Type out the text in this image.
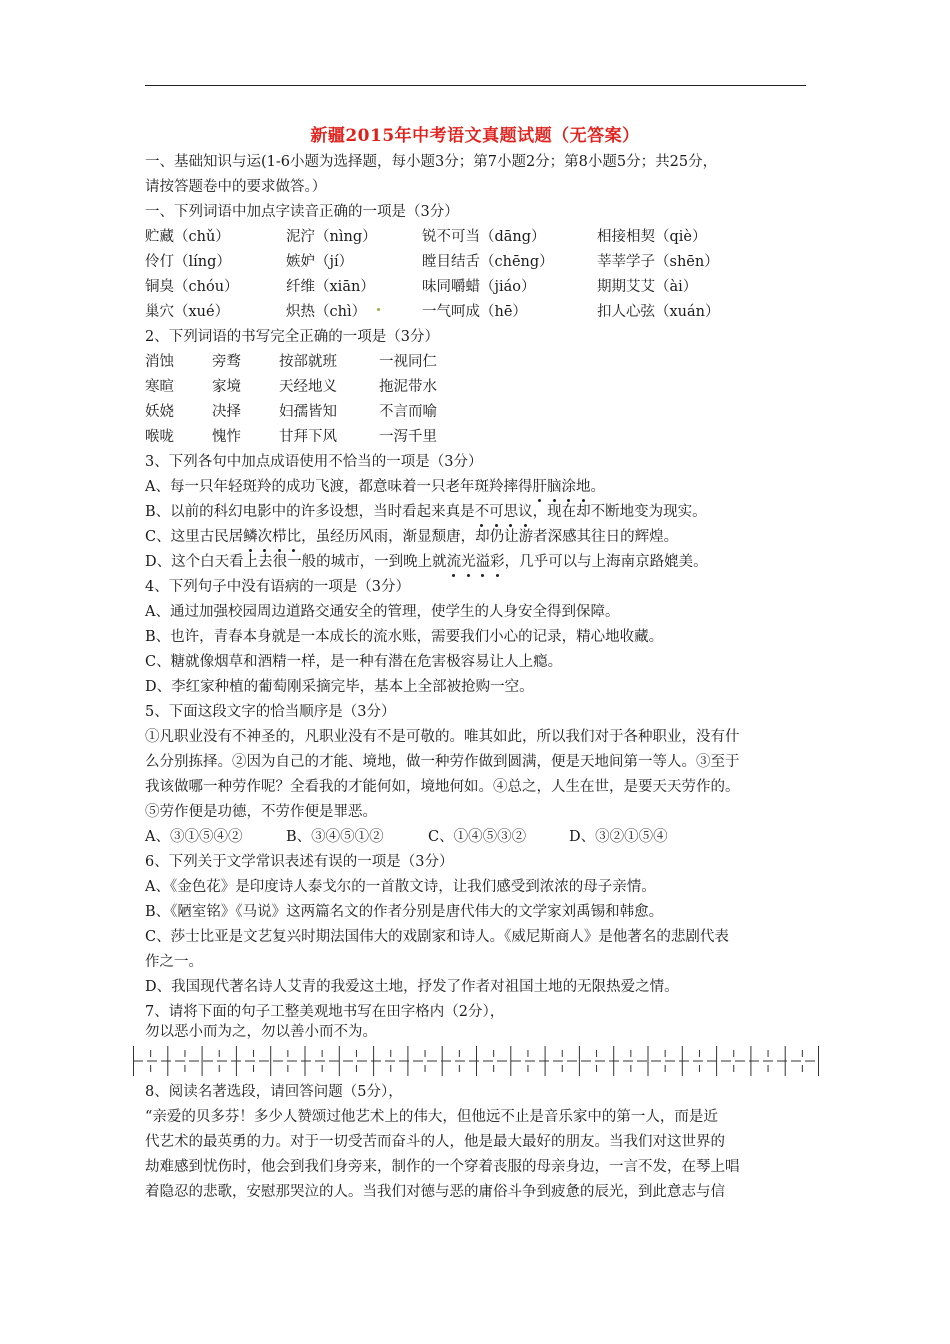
新疆2015年中考语文真题试题（无答案）
一、基础知识与运(1-6小题为选择题，每小题3分；第7小题2分；第8小题5分；共25分，
请按答题卷中的要求做答。）
一、下列词语中加点字读音正确的一项是（3分）
贮藏（chǔ）	泥泞（nìng）	锐不可当（dāng）	相接相契（qiè）
伶仃（líng）	嫉妒（jí）	瞠目结舌（chēng）	莘莘学子（shēn）
铜臭（chóu）	纤维（xiān）	味同嚼蜡（jiáo）	期期艾艾（ài）
巢穴（xué）	炽热（chì）	一气呵成（hē）	扣人心弦（xuán）
2、下列词语的书写完全正确的一项是（3分）
消蚀	旁骛	按部就班	一视同仁
寒暄	家境	天经地义	拖泥带水
妖娆	决择	妇孺皆知	不言而喻
喉咙	愧怍	甘拜下风	一泻千里
3、下列各句中加点成语使用不恰当的一项是（3分）
A、每一只年轻斑羚的成功飞渡，都意味着一只老年斑羚摔得肝脑涂地。
B、以前的科幻电影中的许多设想，当时看起来真是不可思议，现在却不断地变为现实。
C、这里古民居鳞次栉比，虽经历风雨，渐显颓唐，却仍让游者深感其往日的辉煌。
D、这个白天看上去很一般的城市，一到晚上就流光溢彩，几乎可以与上海南京路媲美。
4、下列句子中没有语病的一项是（3分）
A、通过加强校园周边道路交通安全的管理，使学生的人身安全得到保障。
B、也许，青春本身就是一本成长的流水账，需要我们小心的记录，精心地收藏。
C、糖就像烟草和酒精一样，是一种有潜在危害极容易让人上瘾。
D、李红家种植的葡萄刚采摘完毕，基本上全部被抢购一空。
5、下面这段文字的恰当顺序是（3分）
①凡职业没有不神圣的，凡职业没有不是可敬的。唯其如此，所以我们对于各种职业，没有什
么分别拣择。②因为自己的才能、境地，做一种劳作做到圆满，便是天地间第一等人。③至于
我该做哪一种劳作呢？全看我的才能何如，境地何如。④总之，人生在世，是要天天劳作的。
⑤劳作便是功德，不劳作便是罪恶。
A、③①⑤④②	B、③④⑤①②	C、①④⑤③②	D、③②①⑤④
6、下列关于文学常识表述有误的一项是（3分）
A、《金色花》是印度诗人泰戈尔的一首散文诗，让我们感受到浓浓的母子亲情。
B、《陋室铭》《马说》这两篇名文的作者分别是唐代伟大的文学家刘禹锡和韩愈。
C、莎士比亚是文艺复兴时期法国伟大的戏剧家和诗人。《威尼斯商人》是他著名的悲剧代表
作之一。
D、我国现代著名诗人艾青的我爱这土地，抒发了作者对祖国土地的无限热爱之情。
7、请将下面的句子工整美观地书写在田字格内（2分），
勿以恶小而为之，勿以善小而不为。
8、阅读名著选段，请回答问题（5分），
“亲爱的贝多芬！多少人赞颂过他艺术上的伟大，但他远不止是音乐家中的第一人，而是近
代艺术的最英勇的力。对于一切受苦而奋斗的人，他是最大最好的朋友。当我们对这世界的
劫难感到忧伤时，他会到我们身旁来，制作的一个穿着丧服的母亲身边，一言不发，在琴上唱
着隐忍的悲歌，安慰那哭泣的人。当我们对德与恶的庸俗斗争到疲惫的辰光，到此意志与信
